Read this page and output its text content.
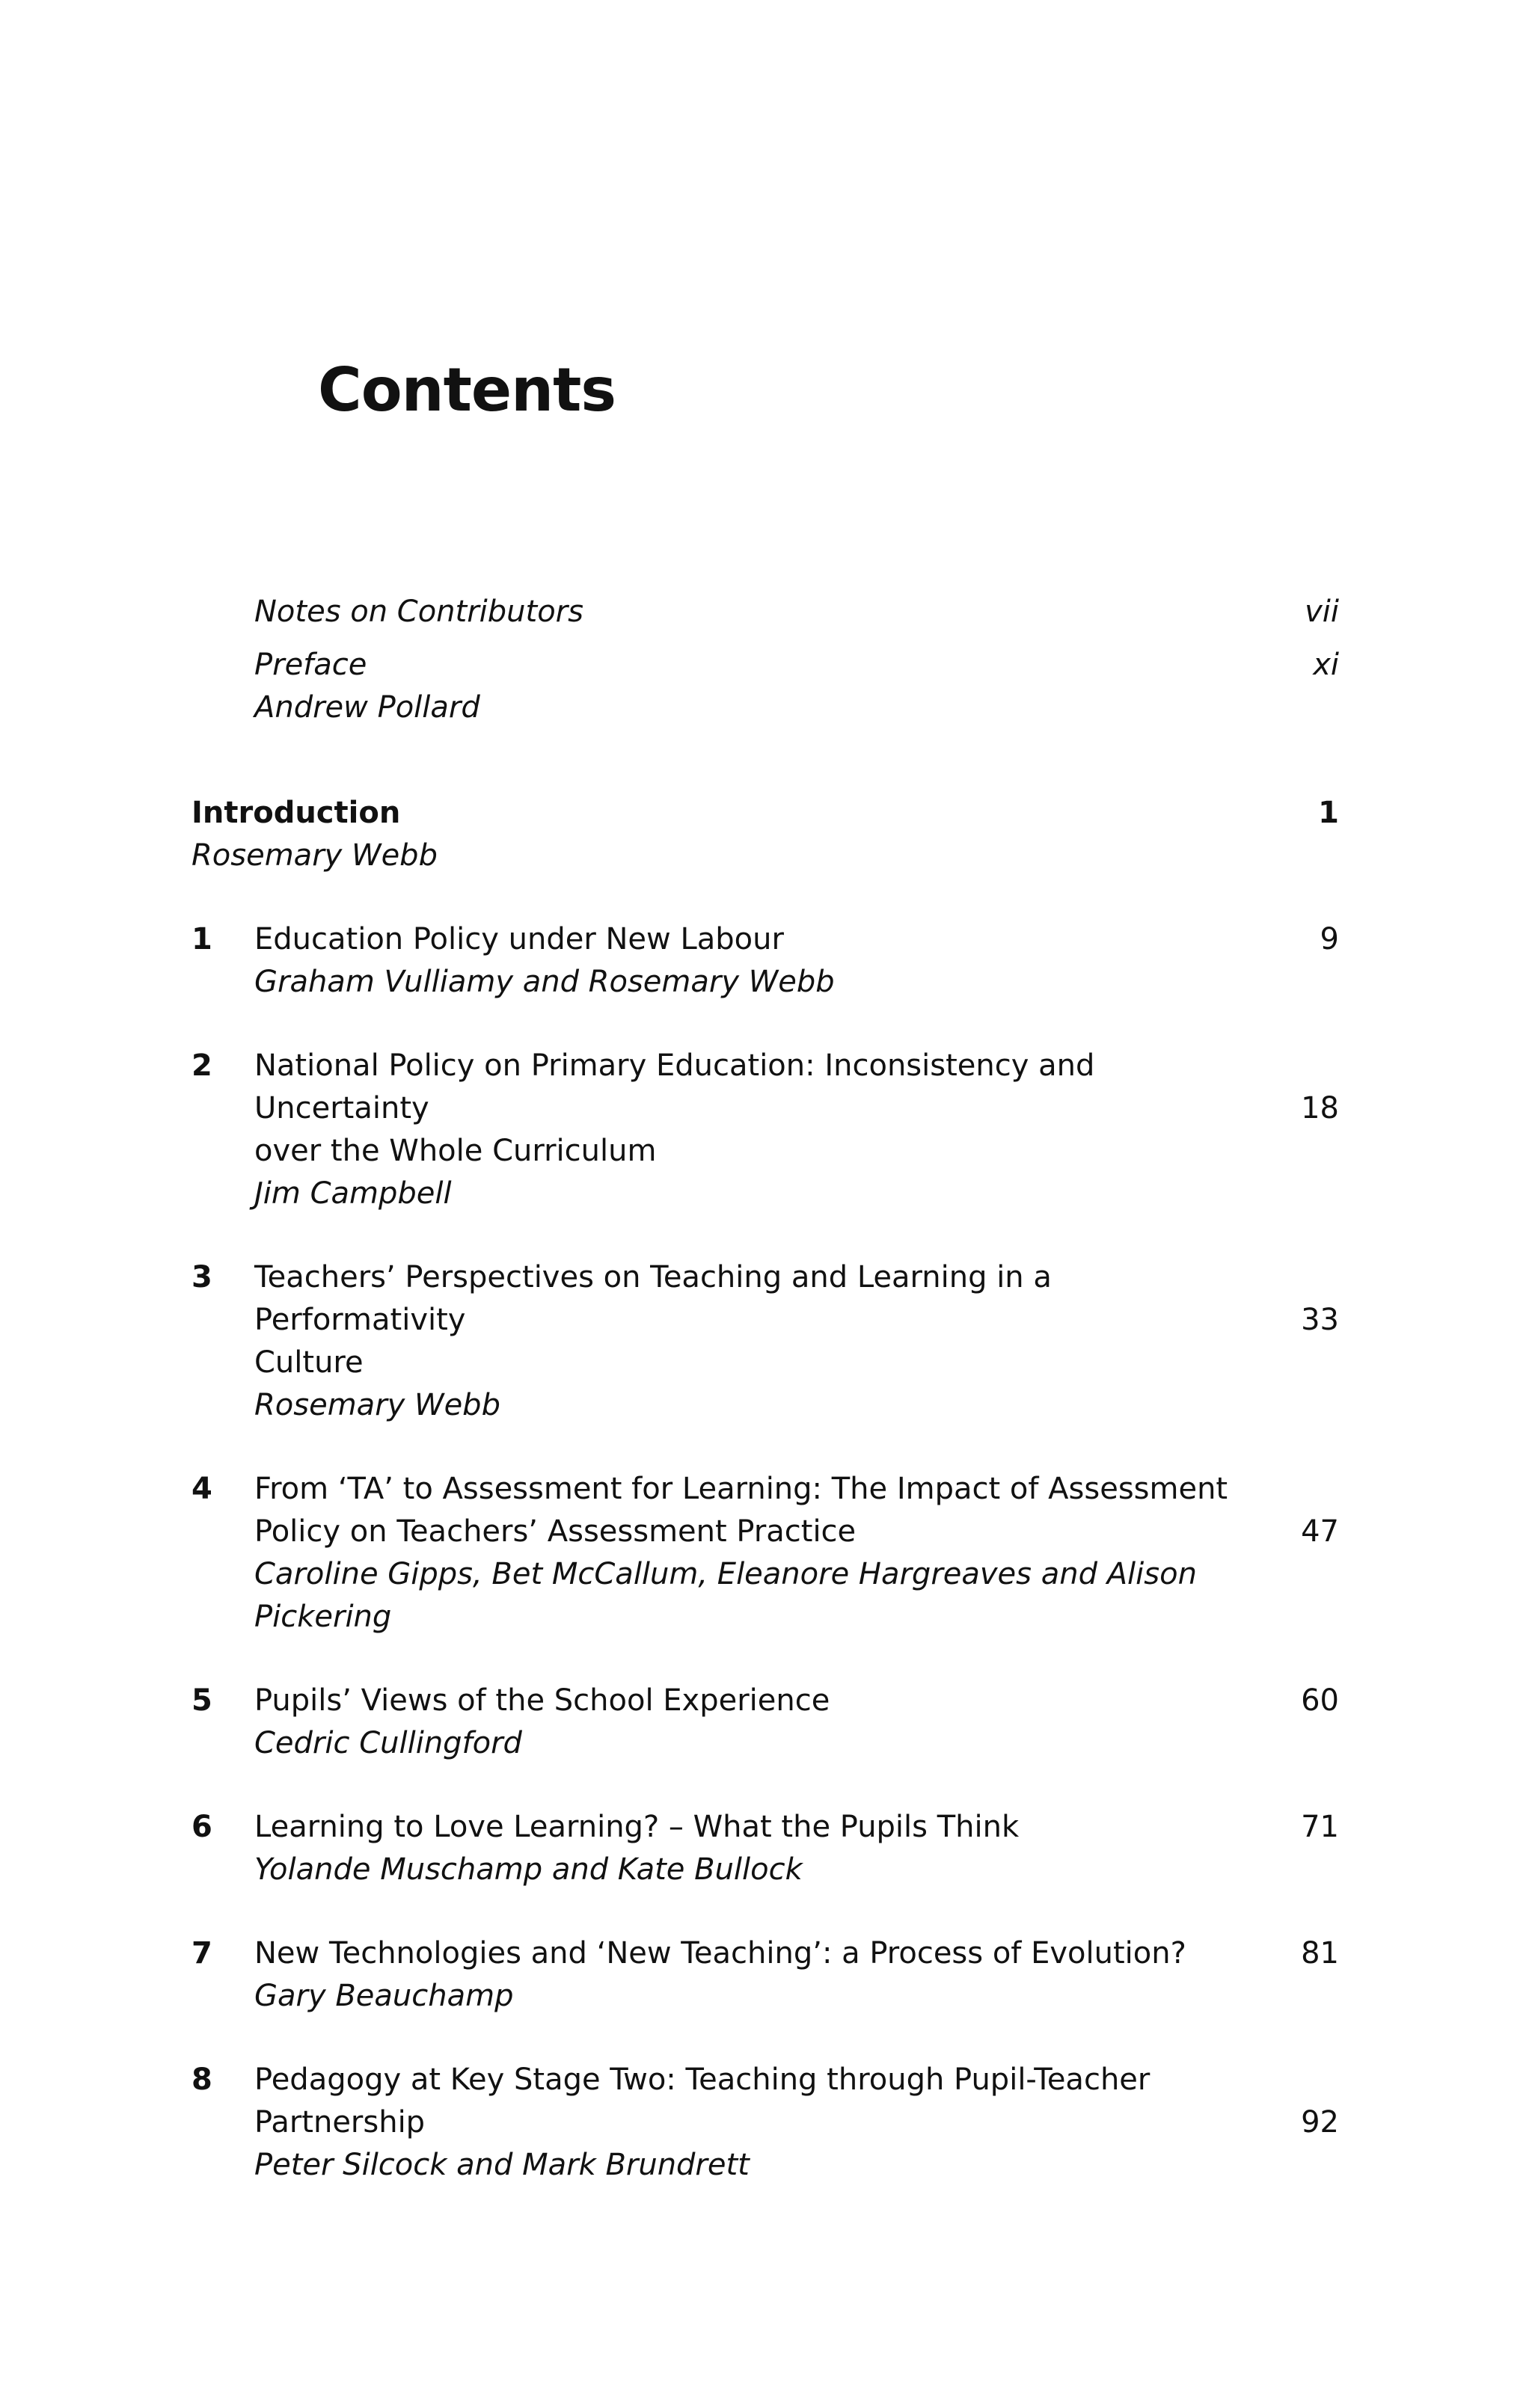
Contents
Notes on Contributors	vii
Preface
Andrew Pollard
xi
Introduction
Rosemary Webb
1
1 Education Policy under New Labour
Graham Vulliamy and Rosemary Webb
9
2 National Policy on Primary Education: Inconsistency and Uncertainty
over the Whole Curriculum
Jim Campbell
18
3 Teachers’ Perspectives on Teaching and Learning in a Performativity
Culture
Rosemary Webb
33
4 From ‘TA’ to Assessment for Learning: The Impact of Assessment
Policy on Teachers’ Assessment Practice
Caroline Gipps, Bet McCallum, Eleanore Hargreaves and Alison Pickering
47
5 Pupils’ Views of the School Experience
Cedric Cullingford
60
6 Learning to Love Learning? – What the Pupils Think
Yolande Muschamp and Kate Bullock
71
7 New Technologies and ‘New Teaching’: a Process of Evolution?
Gary Beauchamp
81
8 Pedagogy at Key Stage Two: Teaching through Pupil-Teacher
Partnership
Peter Silcock and Mark Brundrett
92
